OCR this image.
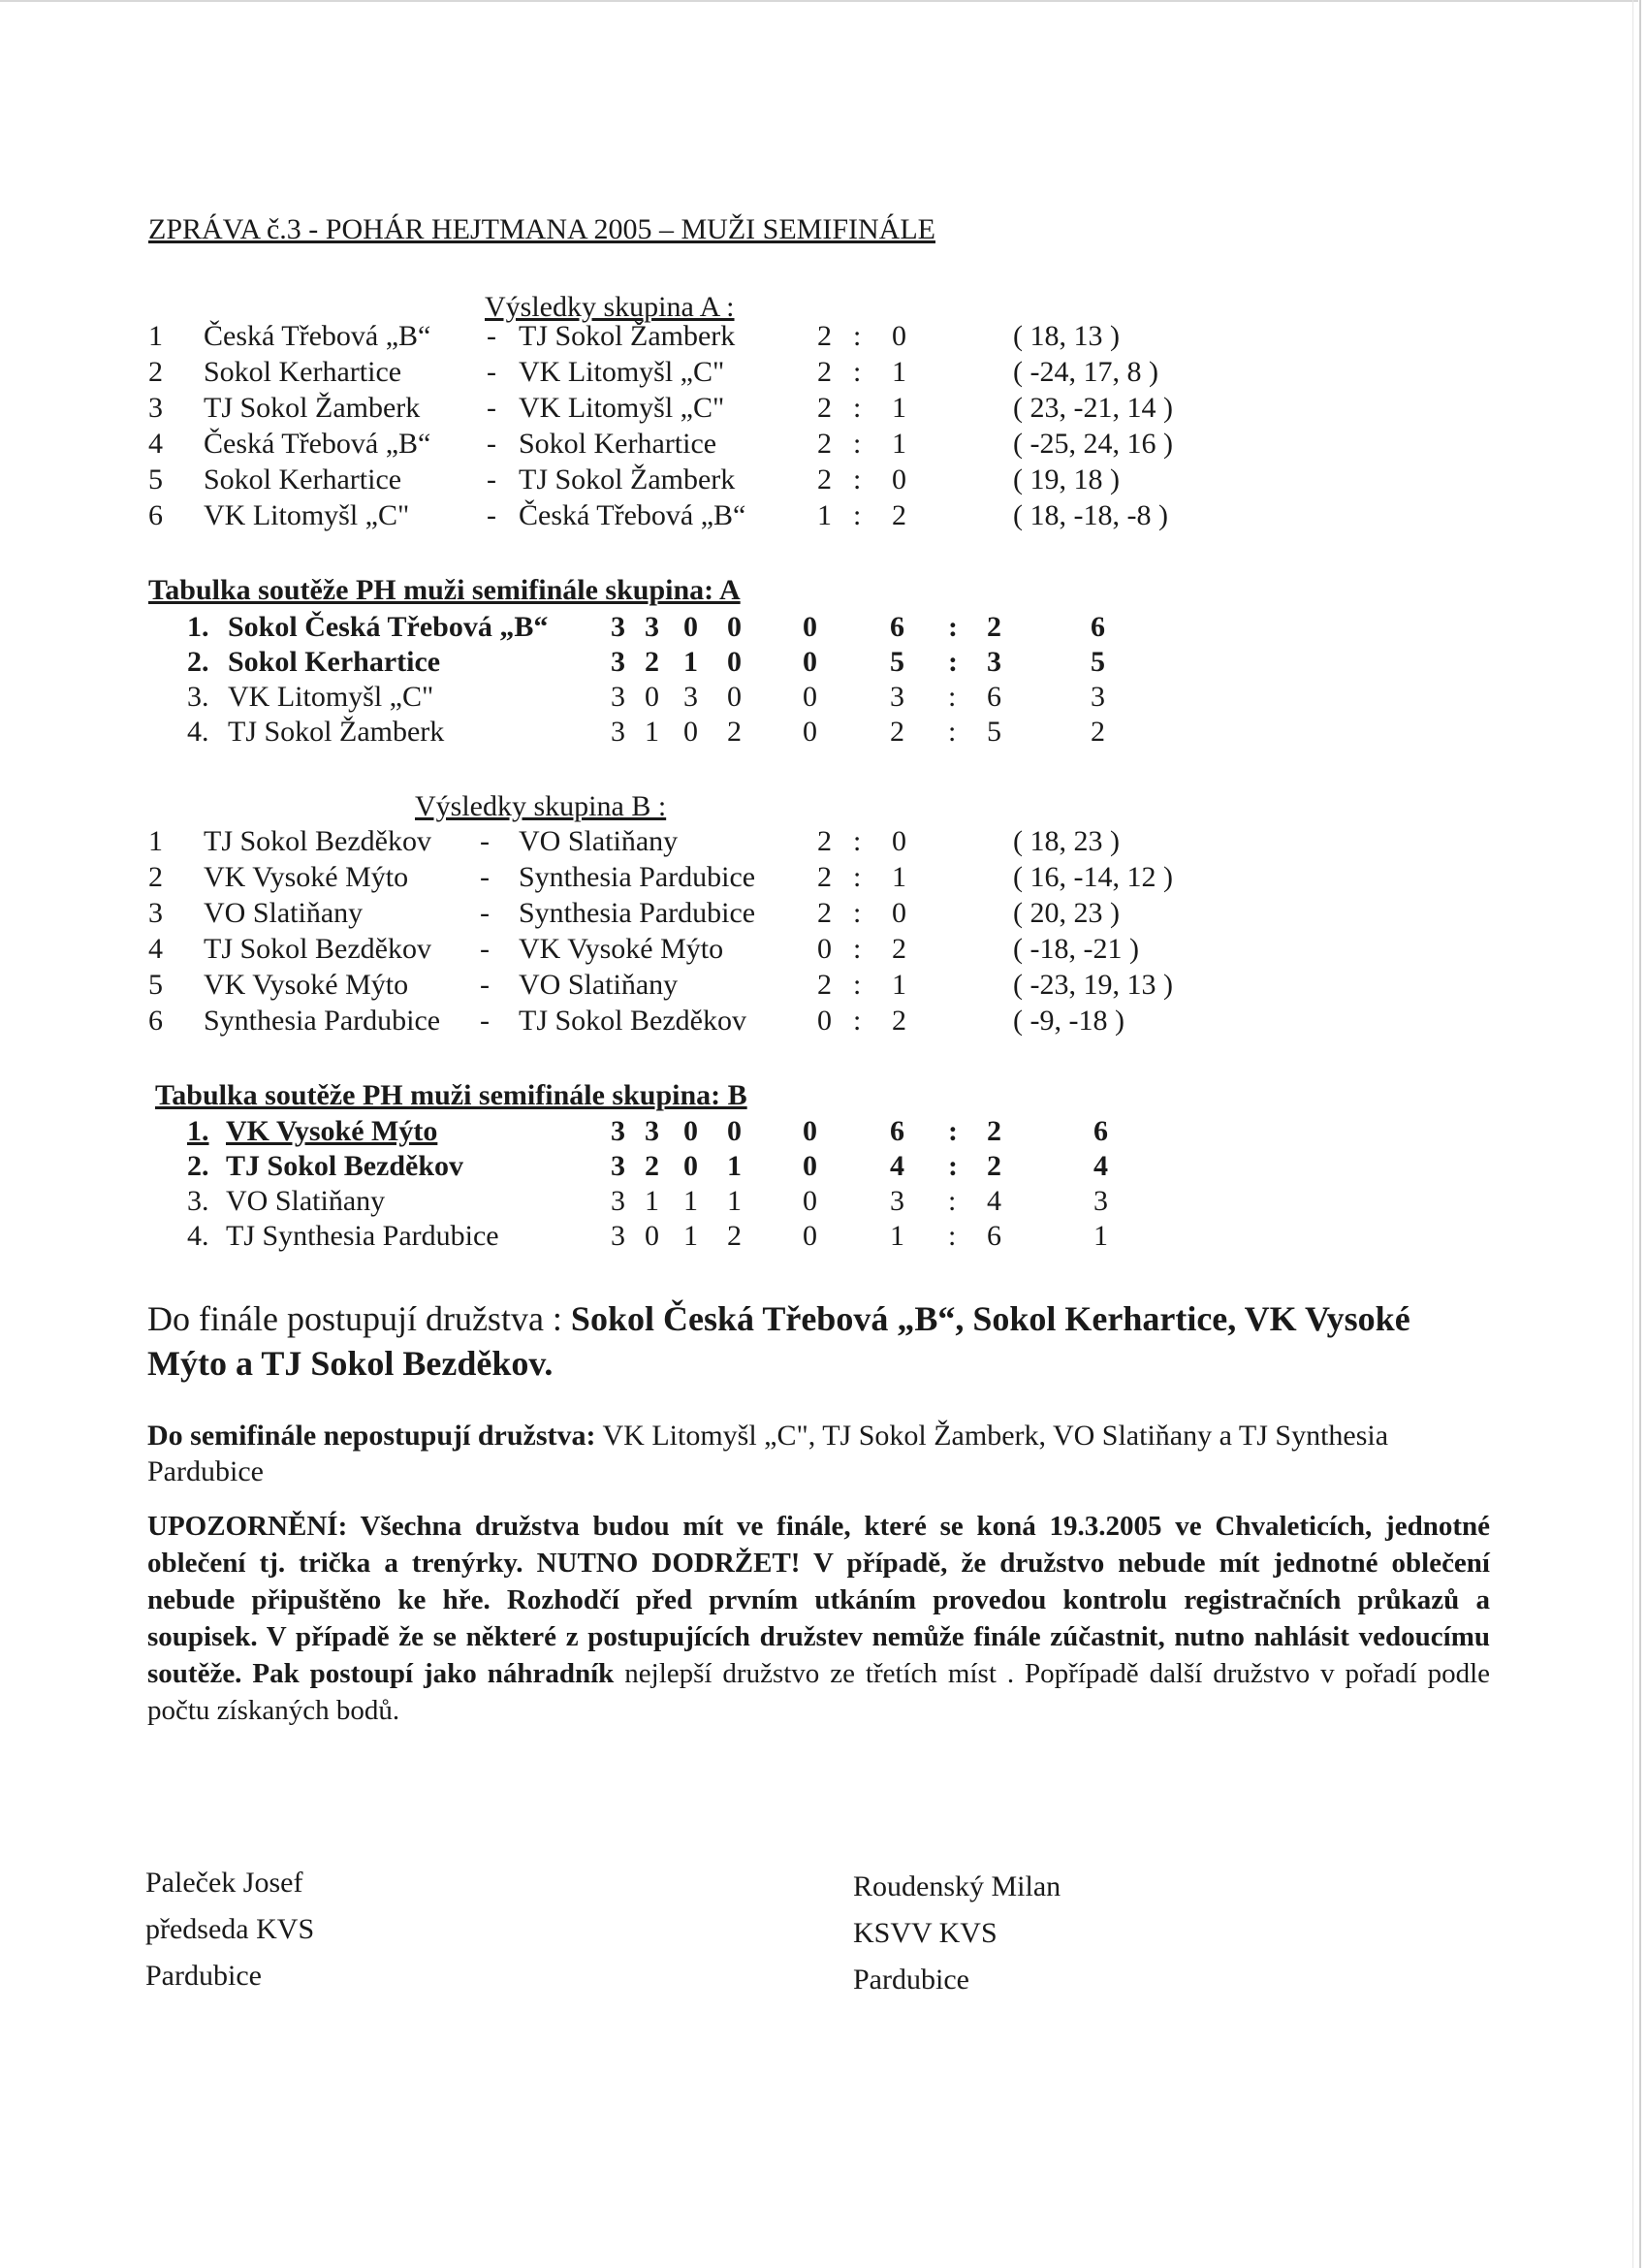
ZPRÁVA č.3 - POHÁR HEJTMANA 2005 – MUŽI SEMIFINÁLE
Výsledky skupina A :
1 Česká Třebová „B“ - TJ Sokol Žamberk	2 : 0	( 18, 13 )
2 Sokol Kerhartice	- VK Litomyšl „C"	2 : 1	( -24, 17, 8 )
3 TJ Sokol Žamberk - VK Litomyšl „C"	2 : 1	( 23, -21, 14 )
4 Česká Třebová „B“ - Sokol Kerhartice	2 : 1	( -25, 24, 16 )
5 Sokol Kerhartice	- TJ Sokol Žamberk	2 : 0	( 19, 18 )
6 VK Litomyšl „C"	- Česká Třebová „B“ 1 : 2	( 18, -18, -8 )
Tabulka soutěže PH muži semifinále skupina: A
1. Sokol Česká Třebová „B“ 3 3 0 0 0	6 : 2	6
2. Sokol Kerhartice	3 2 1 0 0	5 : 3	5
3. VK Litomyšl „C"	3 0 3 0 0	3 : 6	3
4. TJ Sokol Žamberk	3 1 0 2 0	2 : 5	2
Výsledky skupina B :
1 TJ Sokol Bezděkov - VO Slatiňany	2 : 0	( 18, 23 )
2 VK Vysoké Mýto - Synthesia Pardubice 2 : 1	( 16, -14, 12 )
3 VO Slatiňany	- Synthesia Pardubice 2 : 0	( 20, 23 )
4 TJ Sokol Bezděkov - VK Vysoké Mýto	0 : 2	( -18, -21 )
5 VK Vysoké Mýto - VO Slatiňany	2 : 1	( -23, 19, 13 )
6 Synthesia Pardubice - TJ Sokol Bezděkov 0 : 2	( -9, -18 )
Tabulka soutěže PH muži semifinále skupina: B
1. VK Vysoké Mýto	3 3 0 0 0	6 : 2	6
2. TJ Sokol Bezděkov	3 2 0 1 0	4 : 2	4
3. VO Slatiňany	3 1 1 1 0	3 : 4	3
4. TJ Synthesia Pardubice	3 0 1 2 0	1 : 6	1
Do finále postupují družstva : Sokol Česká Třebová „B“, Sokol Kerhartice, VK Vysoké Mýto a TJ Sokol Bezděkov.
Do semifinále nepostupují družstva: VK Litomyšl „C", TJ Sokol Žamberk, VO Slatiňany a TJ Synthesia Pardubice
UPOZORNĚNÍ: Všechna družstva budou mít ve finále, které se koná 19.3.2005 ve Chvaleticích, jednotné oblečení tj. trička a trenýrky. NUTNO DODRŽET! V případě, že družstvo nebude mít jednotné oblečení nebude připuštěno ke hře. Rozhodčí před prvním utkáním provedou kontrolu registračních průkazů a soupisek. V případě že se některé z postupujících družstev nemůže finále zúčastnit, nutno nahlásit vedoucímu soutěže. Pak postoupí jako náhradník nejlepší družstvo ze třetích míst . Popřípadě další družstvo v pořadí podle počtu získaných bodů.
Paleček Josef
předseda KVS
Pardubice
Roudenský Milan
KSVV KVS
Pardubice
